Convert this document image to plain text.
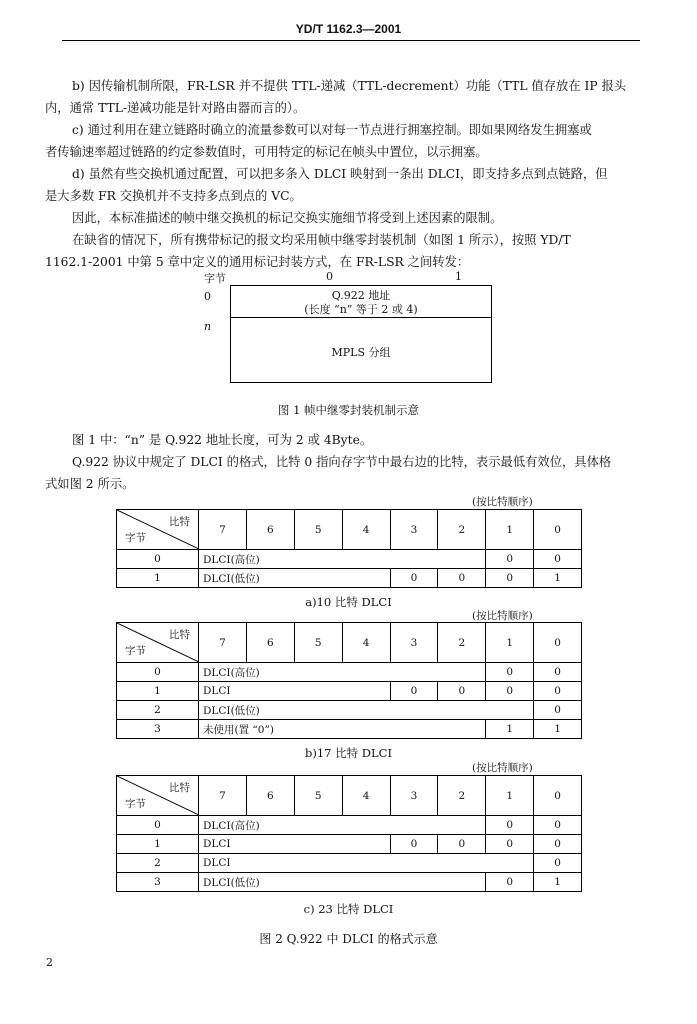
YD/T 1162.3—2001
b) 因传输机制所限，FR-LSR 并不提供 TTL-递减（TTL-decrement）功能（TTL 值存放在 IP 报头
内，通常 TTL-递减功能是针对路由器而言的）。
c) 通过利用在建立链路时确立的流量参数可以对每一节点进行拥塞控制。即如果网络发生拥塞或
者传输速率超过链路的约定参数值时，可用特定的标记在帧头中置位，以示拥塞。
d) 虽然有些交换机通过配置，可以把多条入 DLCI 映射到一条出 DLCI，即支持多点到点链路，但
是大多数 FR 交换机并不支持多点到点的 VC。
因此，本标准描述的帧中继交换机的标记交换实施细节将受到上述因素的限制。
在缺省的情况下，所有携带标记的报文均采用帧中继零封装机制（如图 1 所示），按照 YD/T
1162.1-2001 中第 5 章中定义的通用标记封装方式，在 FR-LSR 之间转发：
字节	0	1
0
n
Q.922 地址
(长度 “n” 等于 2 或 4)
MPLS 分组
图 1 帧中继零封装机制示意
图 1 中：“n” 是 Q.922 地址长度，可为 2 或 4Byte。
Q.922 协议中规定了 DLCI 的格式，比特 0 指向存字节中最右边的比特，表示最低有效位，具体格
式如图 2 所示。
(按比特顺序)
比特
字节	7	6	5	4	3	2	1	0
0	DLCI(高位)						0	0
1	DLCI(低位)				0	0	0	1
a)10 比特 DLCI
(按比特顺序)
比特
字节	7	6	5	4	3	2	1	0
0	DLCI(高位)						0	0
1	DLCI				0	0	0	0
2	DLCI(低位)							0
3	未使用(置 “0”)						1	1
b)17 比特 DLCI
(按比特顺序)
比特
字节	7	6	5	4	3	2	1	0
0	DLCI(高位)						0	0
1	DLCI				0	0	0	0
2	DLCI							0
3	DLCI(低位)						0	1
c) 23 比特 DLCI
图 2 Q.922 中 DLCI 的格式示意
2
